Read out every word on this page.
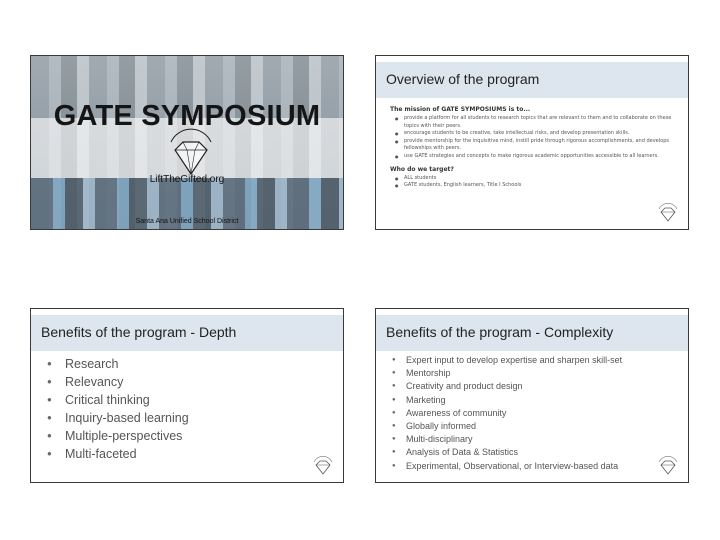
GATE SYMPOSIUM
LiftTheGifted.org
Santa Ana Unified School District
Overview of the program
The mission of GATE SYMPOSIUMS is to...
● provide a platform for all students to research topics that are relevant to them and to collaborate on these topics with their peers.
● encourage students to be creative, take intellectual risks, and develop presentation skills.
● provide mentorship for the inquisitive mind, instill pride through rigorous accomplishments, and develops fellowships with peers.
● use GATE strategies and concepts to make rigorous academic opportunities accessible to all learners.
Who do we target?
● ALL students
● GATE students, English learners, Title I Schools
Benefits of the program - Depth
● Research
● Relevancy
● Critical thinking
● Inquiry-based learning
● Multiple-perspectives
● Multi-faceted
Benefits of the program - Complexity
● Expert input to develop expertise and sharpen skill-set
● Mentorship
● Creativity and product design
● Marketing
● Awareness of community
● Globally informed
● Multi-disciplinary
● Analysis of Data & Statistics
● Experimental, Observational, or Interview-based data
